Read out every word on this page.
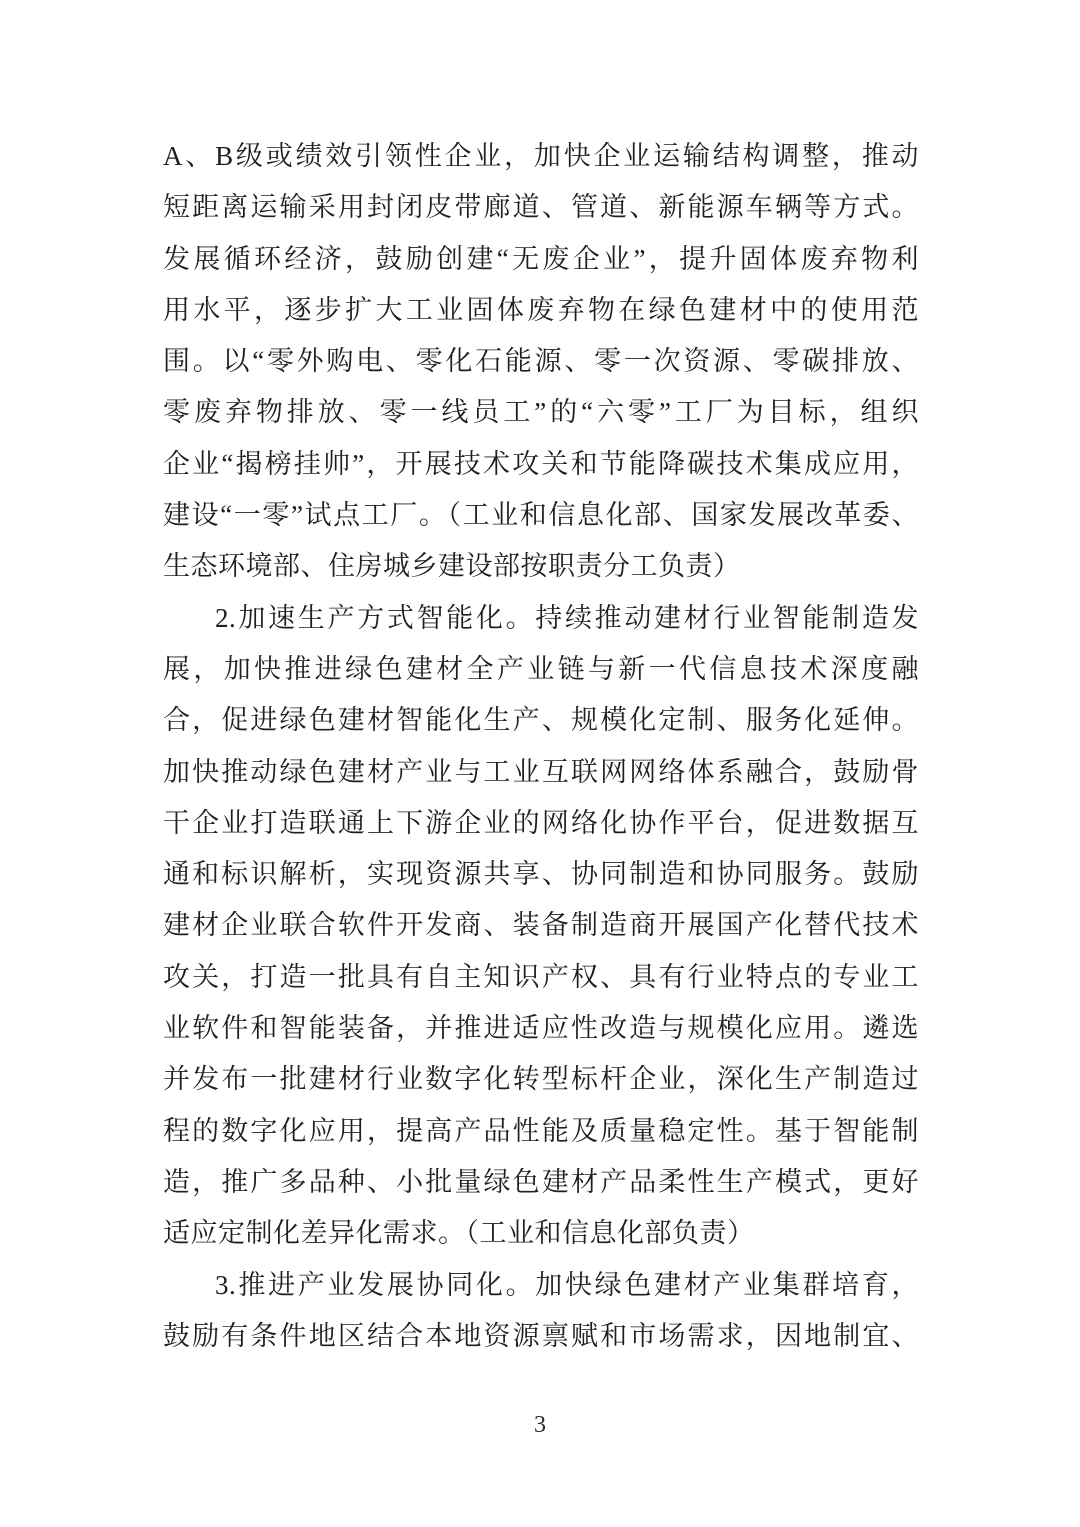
A、B级或绩效引领性企业，加快企业运输结构调整，推动
短距离运输采用封闭皮带廊道、管道、新能源车辆等方式。
发展循环经济，鼓励创建“无废企业”，提升固体废弃物利
用水平，逐步扩大工业固体废弃物在绿色建材中的使用范
围。以“零外购电、零化石能源、零一次资源、零碳排放、
零废弃物排放、零一线员工”的“六零”工厂为目标，组织
企业“揭榜挂帅”，开展技术攻关和节能降碳技术集成应用，
建设“一零”试点工厂。（工业和信息化部、国家发展改革委、
生态环境部、住房城乡建设部按职责分工负责）
2.加速生产方式智能化。持续推动建材行业智能制造发
展，加快推进绿色建材全产业链与新一代信息技术深度融
合，促进绿色建材智能化生产、规模化定制、服务化延伸。
加快推动绿色建材产业与工业互联网网络体系融合，鼓励骨
干企业打造联通上下游企业的网络化协作平台，促进数据互
通和标识解析，实现资源共享、协同制造和协同服务。鼓励
建材企业联合软件开发商、装备制造商开展国产化替代技术
攻关，打造一批具有自主知识产权、具有行业特点的专业工
业软件和智能装备，并推进适应性改造与规模化应用。遴选
并发布一批建材行业数字化转型标杆企业，深化生产制造过
程的数字化应用，提高产品性能及质量稳定性。基于智能制
造，推广多品种、小批量绿色建材产品柔性生产模式，更好
适应定制化差异化需求。（工业和信息化部负责）
3.推进产业发展协同化。加快绿色建材产业集群培育，
鼓励有条件地区结合本地资源禀赋和市场需求，因地制宜、
3
